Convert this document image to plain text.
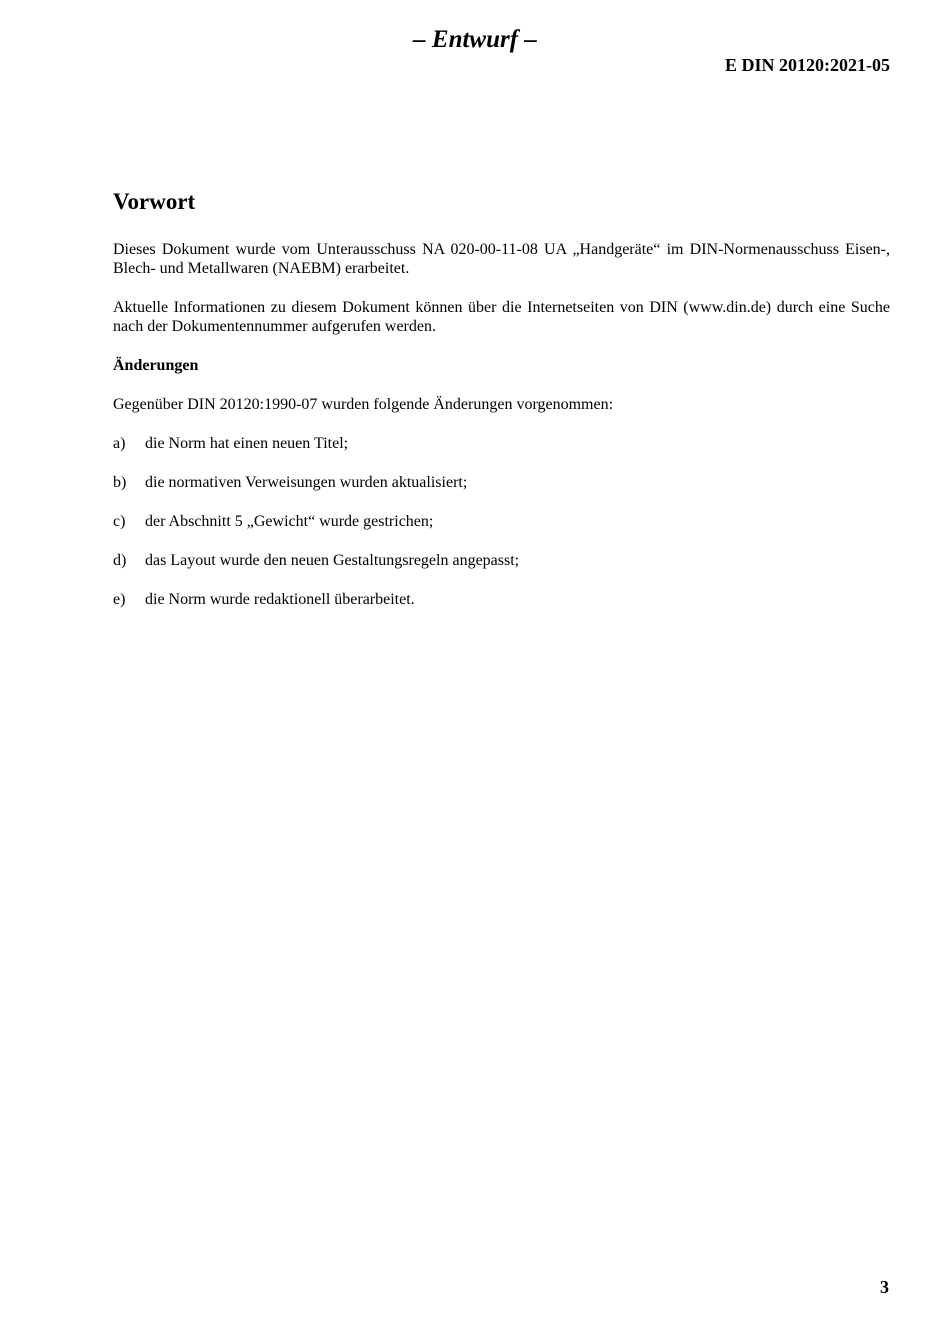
– Entwurf –
E DIN 20120:2021-05
Vorwort

Dieses Dokument wurde vom Unterausschuss NA 020-00-11-08 UA „Handgeräte“ im DIN-Normenausschuss Eisen-, Blech- und Metallwaren (NAEBM) erarbeitet.

Aktuelle Informationen zu diesem Dokument können über die Internetseiten von DIN (www.din.de) durch eine Suche nach der Dokumentennummer aufgerufen werden.

Änderungen

Gegenüber DIN 20120:1990-07 wurden folgende Änderungen vorgenommen:

a)	die Norm hat einen neuen Titel;
b)	die normativen Verweisungen wurden aktualisiert;
c)	der Abschnitt 5 „Gewicht“ wurde gestrichen;
d)	das Layout wurde den neuen Gestaltungsregeln angepasst;
e)	die Norm wurde redaktionell überarbeitet.
3
